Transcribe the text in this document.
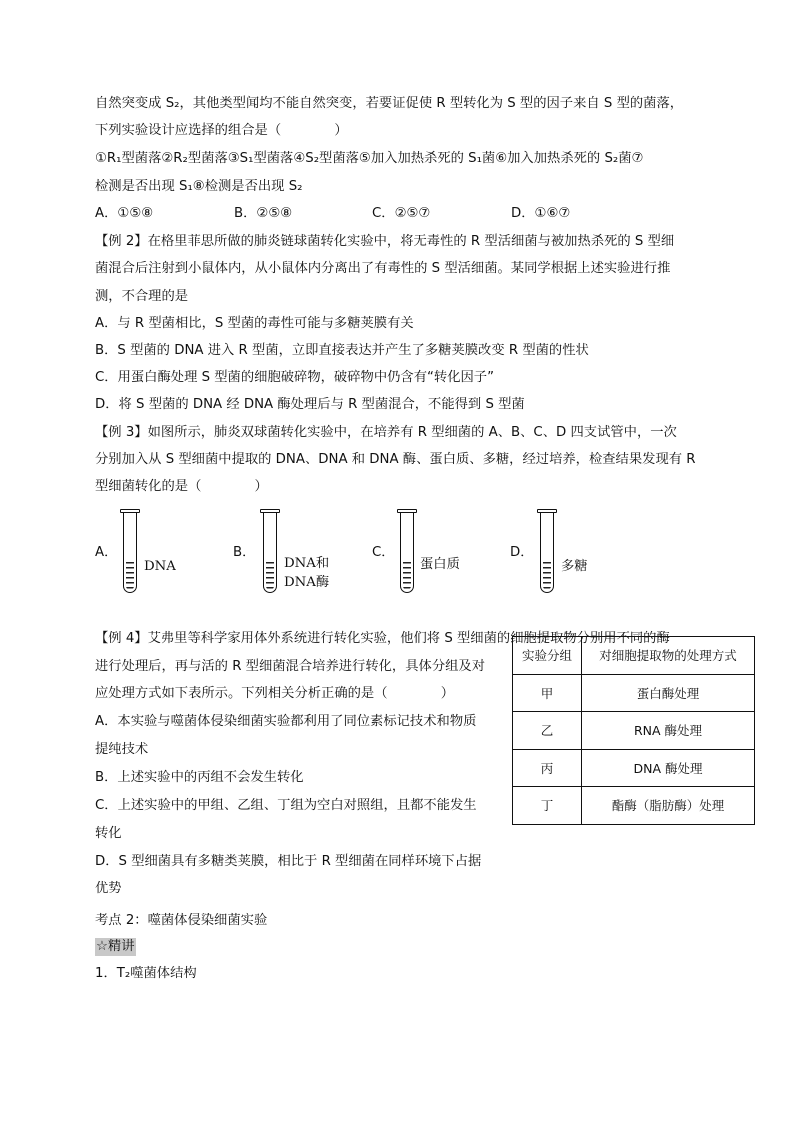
自然突变成 S₂，其他类型闻均不能自然突变，若要证促使 R 型转化为 S 型的因子来自 S 型的菌落，
下列实验设计应选择的组合是（　　　　）
①R₁型菌落②R₂型菌落③S₁型菌落④S₂型菌落⑤加入加热杀死的 S₁菌⑥加入加热杀死的 S₂菌⑦
检测是否出现 S₁⑧检测是否出现 S₂
A．①⑤⑧	B．②⑤⑧	C．②⑤⑦	D．①⑥⑦
【例 2】在格里菲思所做的肺炎链球菌转化实验中，将无毒性的 R 型活细菌与被加热杀死的 S 型细
菌混合后注射到小鼠体内，从小鼠体内分离出了有毒性的 S 型活细菌。某同学根据上述实验进行推
测，不合理的是
A．与 R 型菌相比，S 型菌的毒性可能与多糖荚膜有关
B．S 型菌的 DNA 进入 R 型菌，立即直接表达并产生了多糖荚膜改变 R 型菌的性状
C．用蛋白酶处理 S 型菌的细胞破碎物，破碎物中仍含有“转化因子”
D．将 S 型菌的 DNA 经 DNA 酶处理后与 R 型菌混合，不能得到 S 型菌
【例 3】如图所示，肺炎双球菌转化实验中，在培养有 R 型细菌的 A、B、C、D 四支试管中，一次
分别加入从 S 型细菌中提取的 DNA、DNA 和 DNA 酶、蛋白质、多糖，经过培养，检查结果发现有 R
型细菌转化的是（　　　　）
A．
DNA
B．
DNA和
DNA酶
C．
蛋白质
D．
多糖
【例 4】艾弗里等科学家用体外系统进行转化实验，他们将 S 型细菌的细胞提取物分别用不同的酶
进行处理后，再与活的 R 型细菌混合培养进行转化，具体分组及对
应处理方式如下表所示。下列相关分析正确的是（　　　　）
A．本实验与噬菌体侵染细菌实验都利用了同位素标记技术和物质
提纯技术
B．上述实验中的丙组不会发生转化
C．上述实验中的甲组、乙组、丁组为空白对照组，且都不能发生
转化
D．S 型细菌具有多糖类荚膜，相比于 R 型细菌在同样环境下占据
优势
实验分组	对细胞提取物的处理方式
甲	蛋白酶处理
乙	RNA 酶处理
丙	DNA 酶处理
丁	酯酶（脂肪酶）处理
考点 2：噬菌体侵染细菌实验
☆精讲
1．T₂噬菌体结构
